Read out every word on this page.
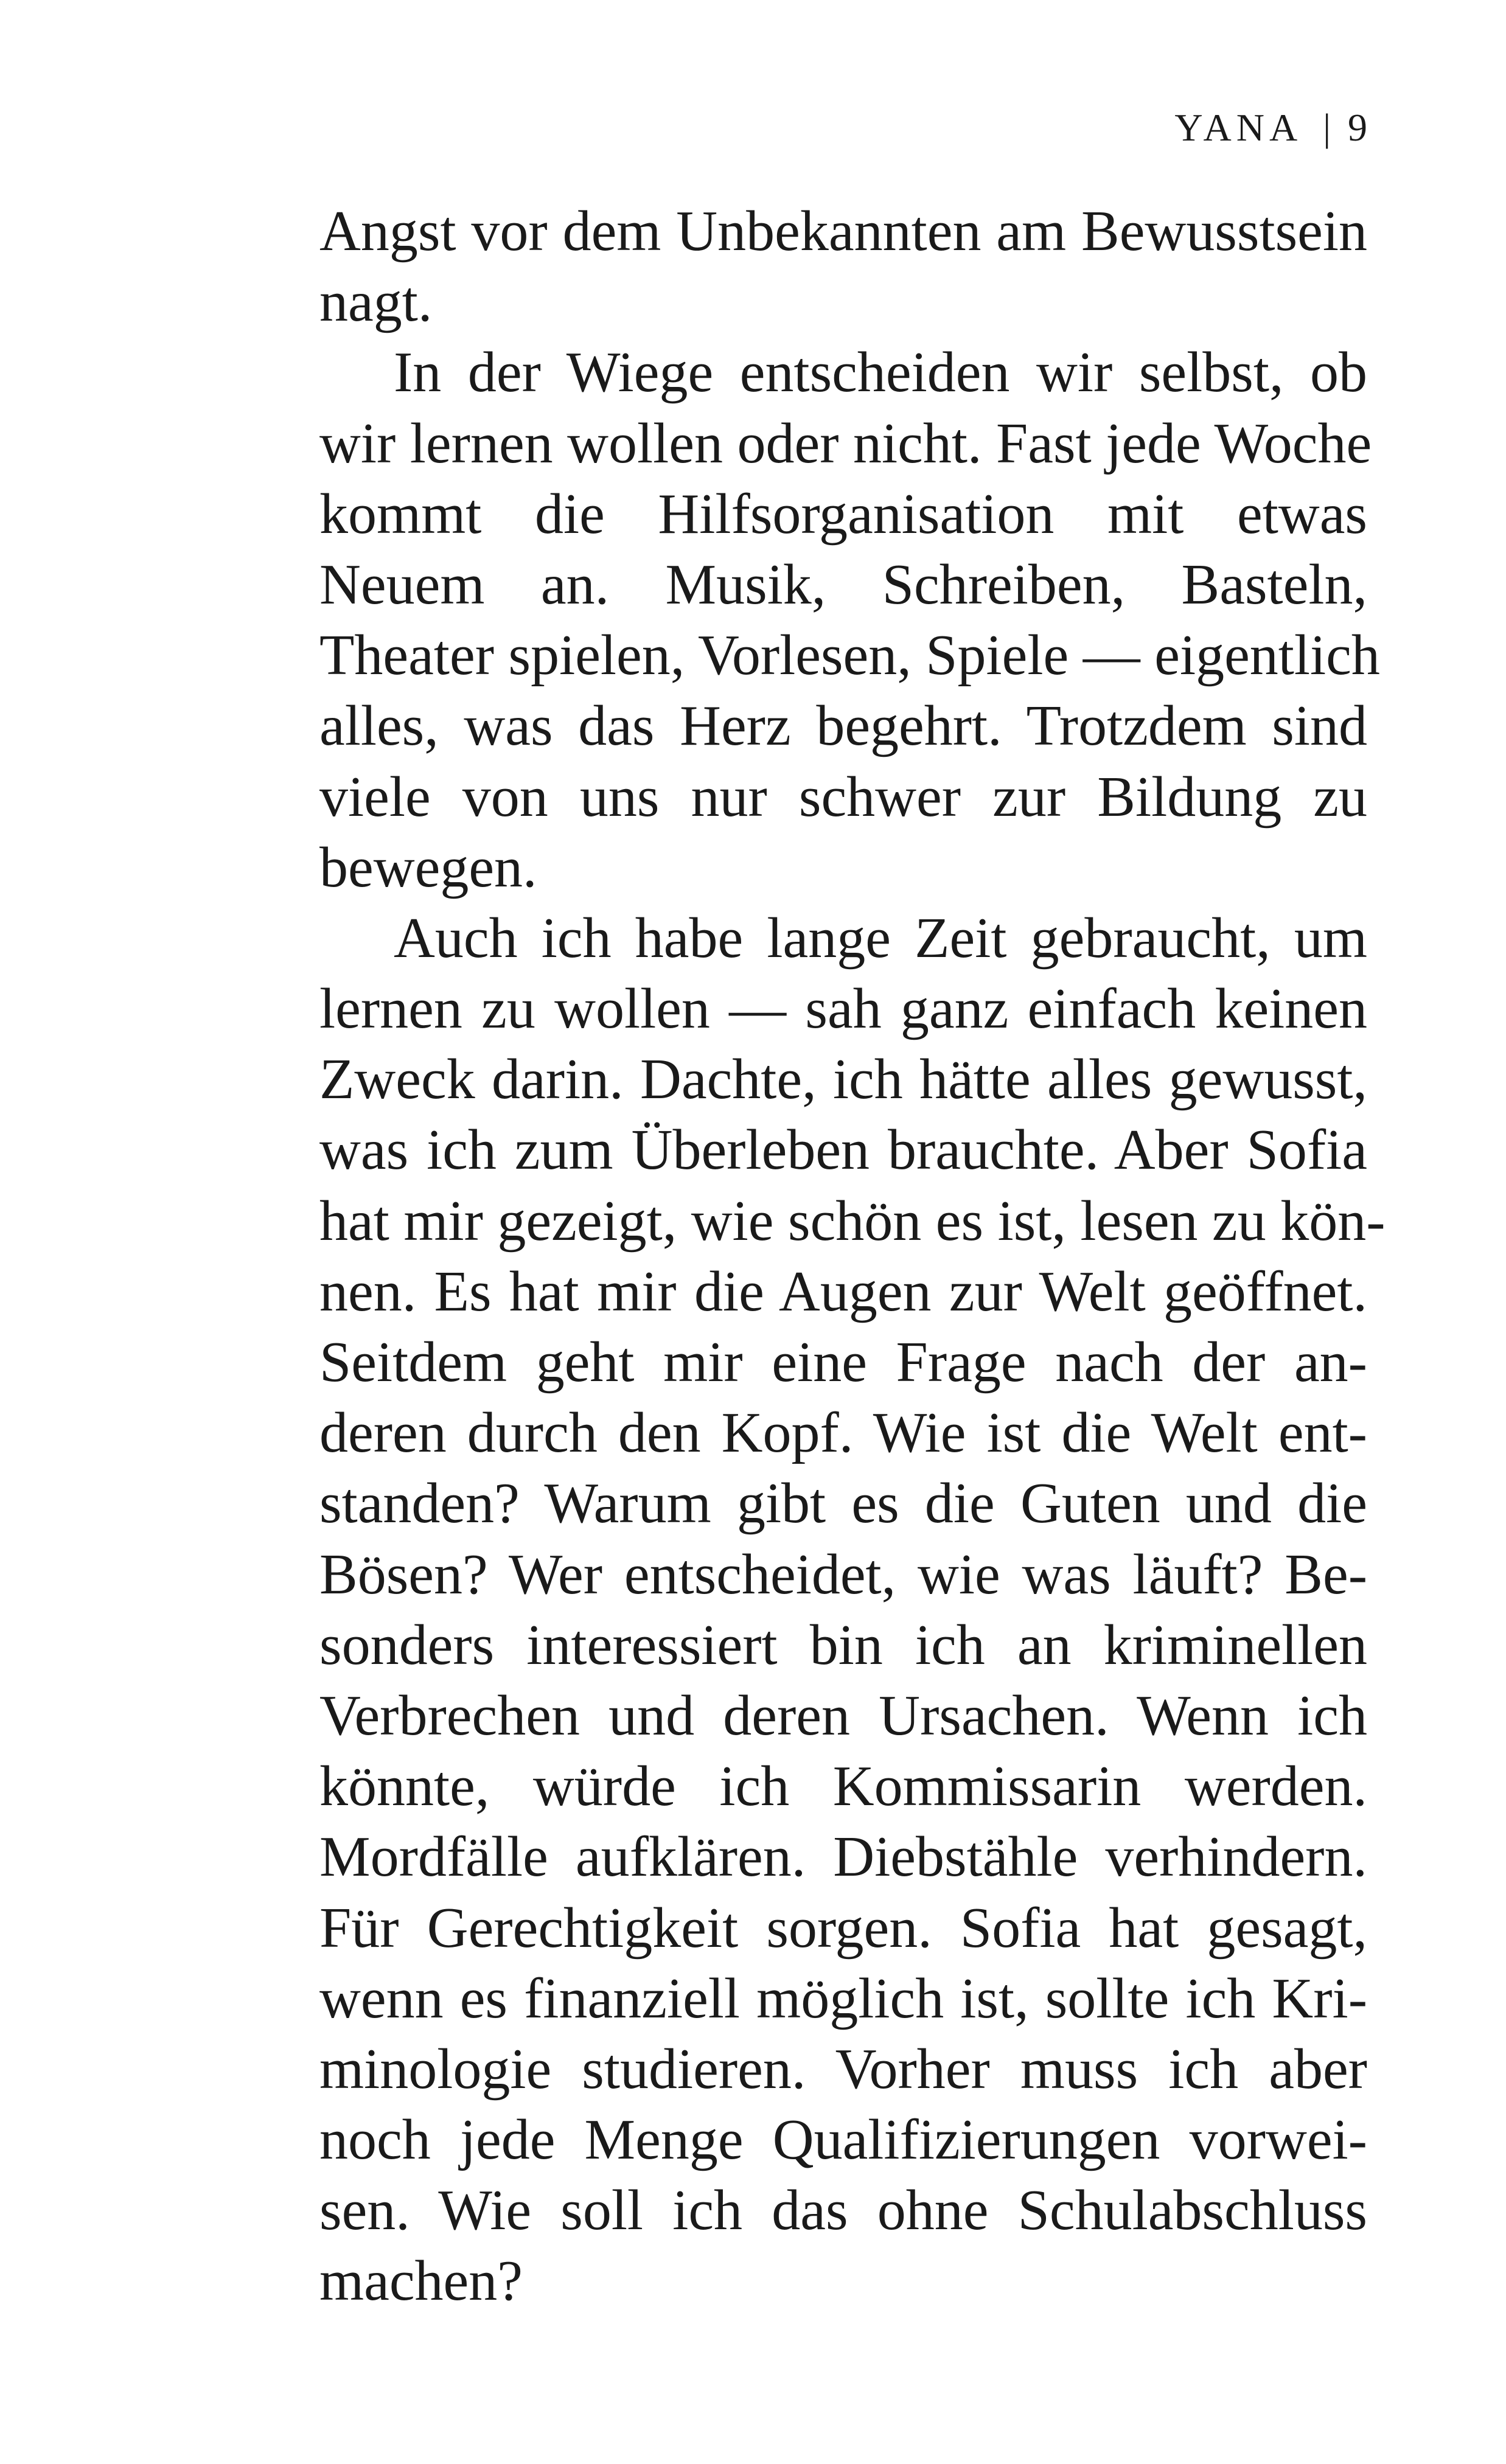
YANA | 9
Angst vor dem Unbekannten am Bewusstsein
nagt.
In der Wiege entscheiden wir selbst, ob
wir lernen wollen oder nicht. Fast jede Woche
kommt die Hilfsorganisation mit etwas
Neuem an. Musik, Schreiben, Basteln,
Theater spielen, Vorlesen, Spiele — eigentlich
alles, was das Herz begehrt. Trotzdem sind
viele von uns nur schwer zur Bildung zu
bewegen.
Auch ich habe lange Zeit gebraucht, um
lernen zu wollen — sah ganz einfach keinen
Zweck darin. Dachte, ich hätte alles gewusst,
was ich zum Überleben brauchte. Aber Sofia
hat mir gezeigt, wie schön es ist, lesen zu kön-
nen. Es hat mir die Augen zur Welt geöffnet.
Seitdem geht mir eine Frage nach der an-
deren durch den Kopf. Wie ist die Welt ent-
standen? Warum gibt es die Guten und die
Bösen? Wer entscheidet, wie was läuft? Be-
sonders interessiert bin ich an kriminellen
Verbrechen und deren Ursachen. Wenn ich
könnte, würde ich Kommissarin werden.
Mordfälle aufklären. Diebstähle verhindern.
Für Gerechtigkeit sorgen. Sofia hat gesagt,
wenn es finanziell möglich ist, sollte ich Kri-
minologie studieren. Vorher muss ich aber
noch jede Menge Qualifizierungen vorwei-
sen. Wie soll ich das ohne Schulabschluss
machen?
